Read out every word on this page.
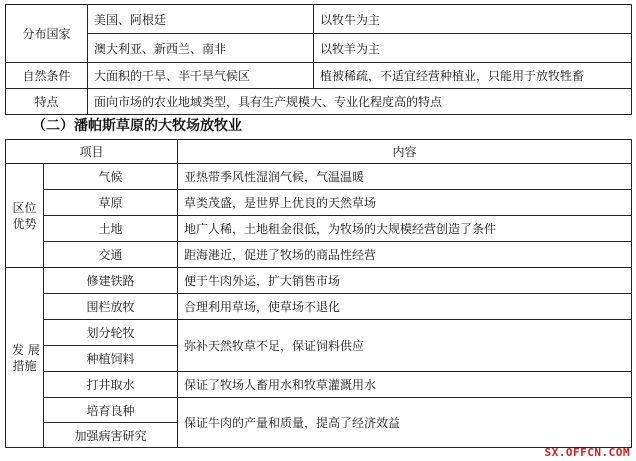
分布国家	美国、阿根廷	以牧牛为主
	澳大利亚、新西兰、南非	以牧羊为主
自然条件	大面积的干旱、半干旱气候区	植被稀疏，不适宜经营种植业，只能用于放牧牲畜
特点	面向市场的农业地域类型，具有生产规模大、专业化程度高的特点	
（二）潘帕斯草原的大牧场放牧业
项目		内容

区位
优势	气候	亚热带季风性湿润气候，气温温暖
	草原	草类茂盛，是世界上优良的天然草场
	土地	地广人稀，土地租金很低，为牧场的大规模经营创造了条件
	交通	距海港近，促进了牧场的商品性经营

发 展
措施	修建铁路	便于牛肉外运，扩大销售市场
	围栏放牧	合理利用草场，使草场不退化
	划分轮牧	弥补天然牧草不足，保证饲料供应
	种植饲料	
	打井取水	保证了牧场人畜用水和牧草灌溉用水
	培育良种	保证牛肉的产量和质量，提高了经济效益
	加强病害研究	
SX.OFFCN.COM
